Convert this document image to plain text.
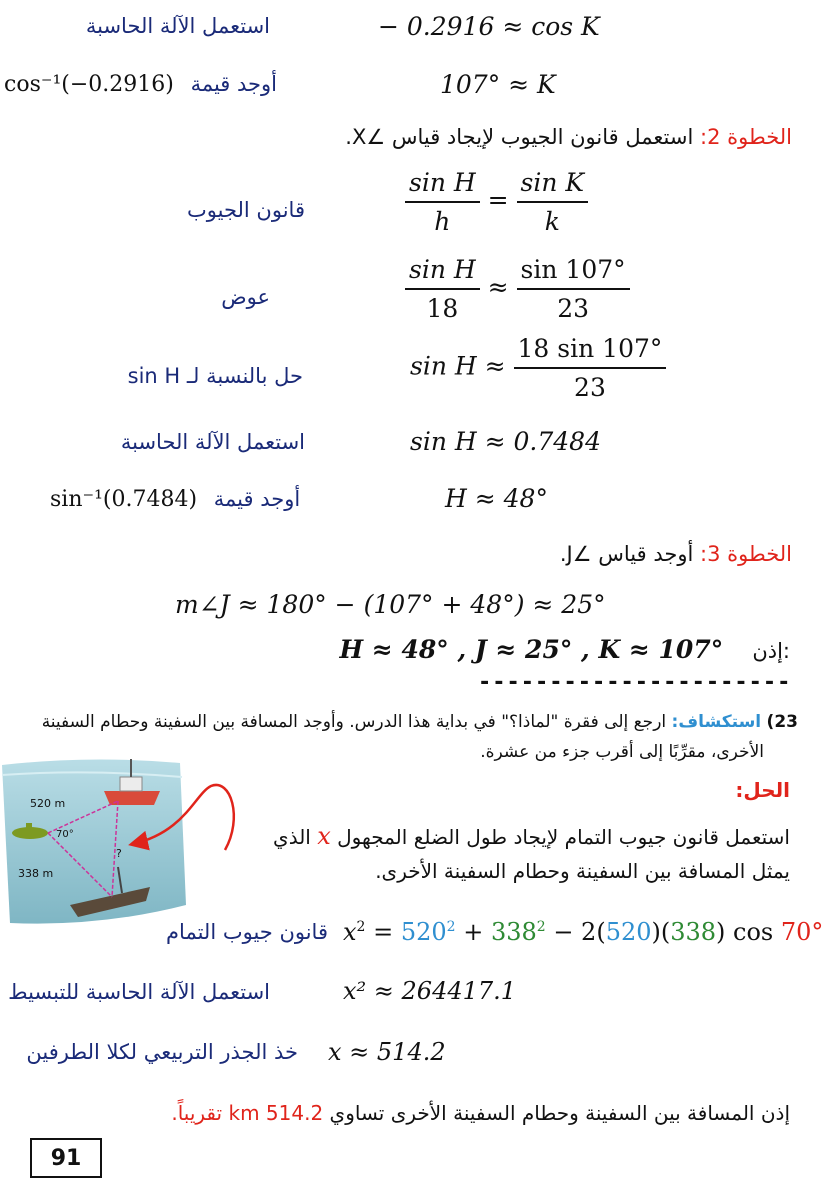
استعمل الآلة الحاسبة	− 0.2916 ≈ cos K
cos⁻¹(−0.2916) أوجد قيمة	107° ≈ K
الخطوة 2: استعمل قانون الجيوب لإيجاد قياس ∠X.
قانون الجيوب	$\frac{\text{sin H}}{h} = \frac{\text{sin K}}{k}$
عوض	$\frac{\text{sin H}}{18} \approx \frac{\sin 107^\circ}{23}$
حل بالنسبة لـ sin H	$\sin H \approx \frac{18 \sin 107^\circ}{23}$
استعمل الآلة الحاسبة	sin H ≈ 0.7484
sin⁻¹(0.7484) أوجد قيمة	H ≈ 48°
الخطوة 3: أوجد قياس ∠J.
m∠J ≈ 180° − (107° + 48°) ≈ 25°
H ≈ 48° , J ≈ 25° , K ≈ 107° إذن:
----------------------
23) استكشاف: ارجع إلى فقرة "لماذا؟" في بداية هذا الدرس. وأوجد المسافة بين السفينة وحطام السفينة
الأخرى، مقرِّبًا إلى أقرب جزء من عشرة.
520 m
70°
338 m
?
الحل:
استعمل قانون جيوب التمام لإيجاد طول الضلع المجهول x الذي
يمثل المسافة بين السفينة وحطام السفينة الأخرى.
قانون جيوب التمام $x^2 = 520^2 + 338^2 - 2(520)(338)$ cos 70°
استعمل الآلة الحاسبة للتبسيط	x² ≈ 264417.1
خذ الجذر التربيعي لكلا الطرفين x ≈ 514.2
إذن المسافة بين السفينة وحطام السفينة الأخرى تساوي 514.2 km تقريباً.
91
